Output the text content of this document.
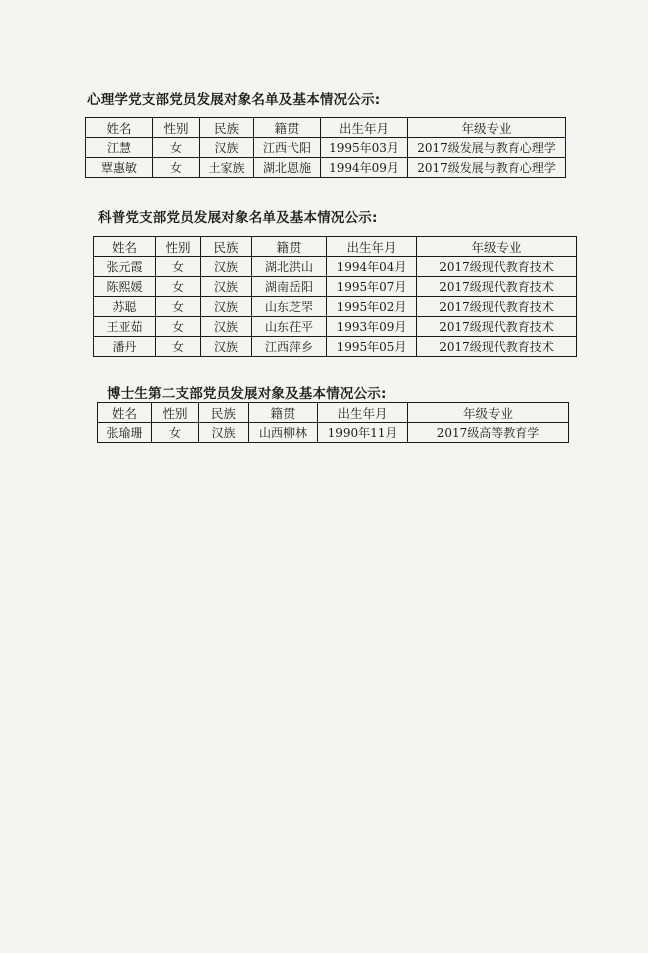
心理学党支部党员发展对象名单及基本情况公示:
姓名	性别	民族	籍贯	出生年月	年级专业
江慧	女	汉族	江西弋阳	1995年03月	2017级发展与教育心理学
覃惠敏	女	土家族	湖北恩施	1994年09月	2017级发展与教育心理学
科普党支部党员发展对象名单及基本情况公示:
姓名	性别	民族	籍贯	出生年月	年级专业
张元霞	女	汉族	湖北洪山	1994年04月	2017级现代教育技术
陈熙媛	女	汉族	湖南岳阳	1995年07月	2017级现代教育技术
苏聪	女	汉族	山东芝罘	1995年02月	2017级现代教育技术
王亚茹	女	汉族	山东茌平	1993年09月	2017级现代教育技术
潘丹	女	汉族	江西萍乡	1995年05月	2017级现代教育技术
博士生第二支部党员发展对象及基本情况公示:
姓名	性别	民族	籍贯	出生年月	年级专业
张瑜珊	女	汉族	山西柳林	1990年11月	2017级高等教育学
